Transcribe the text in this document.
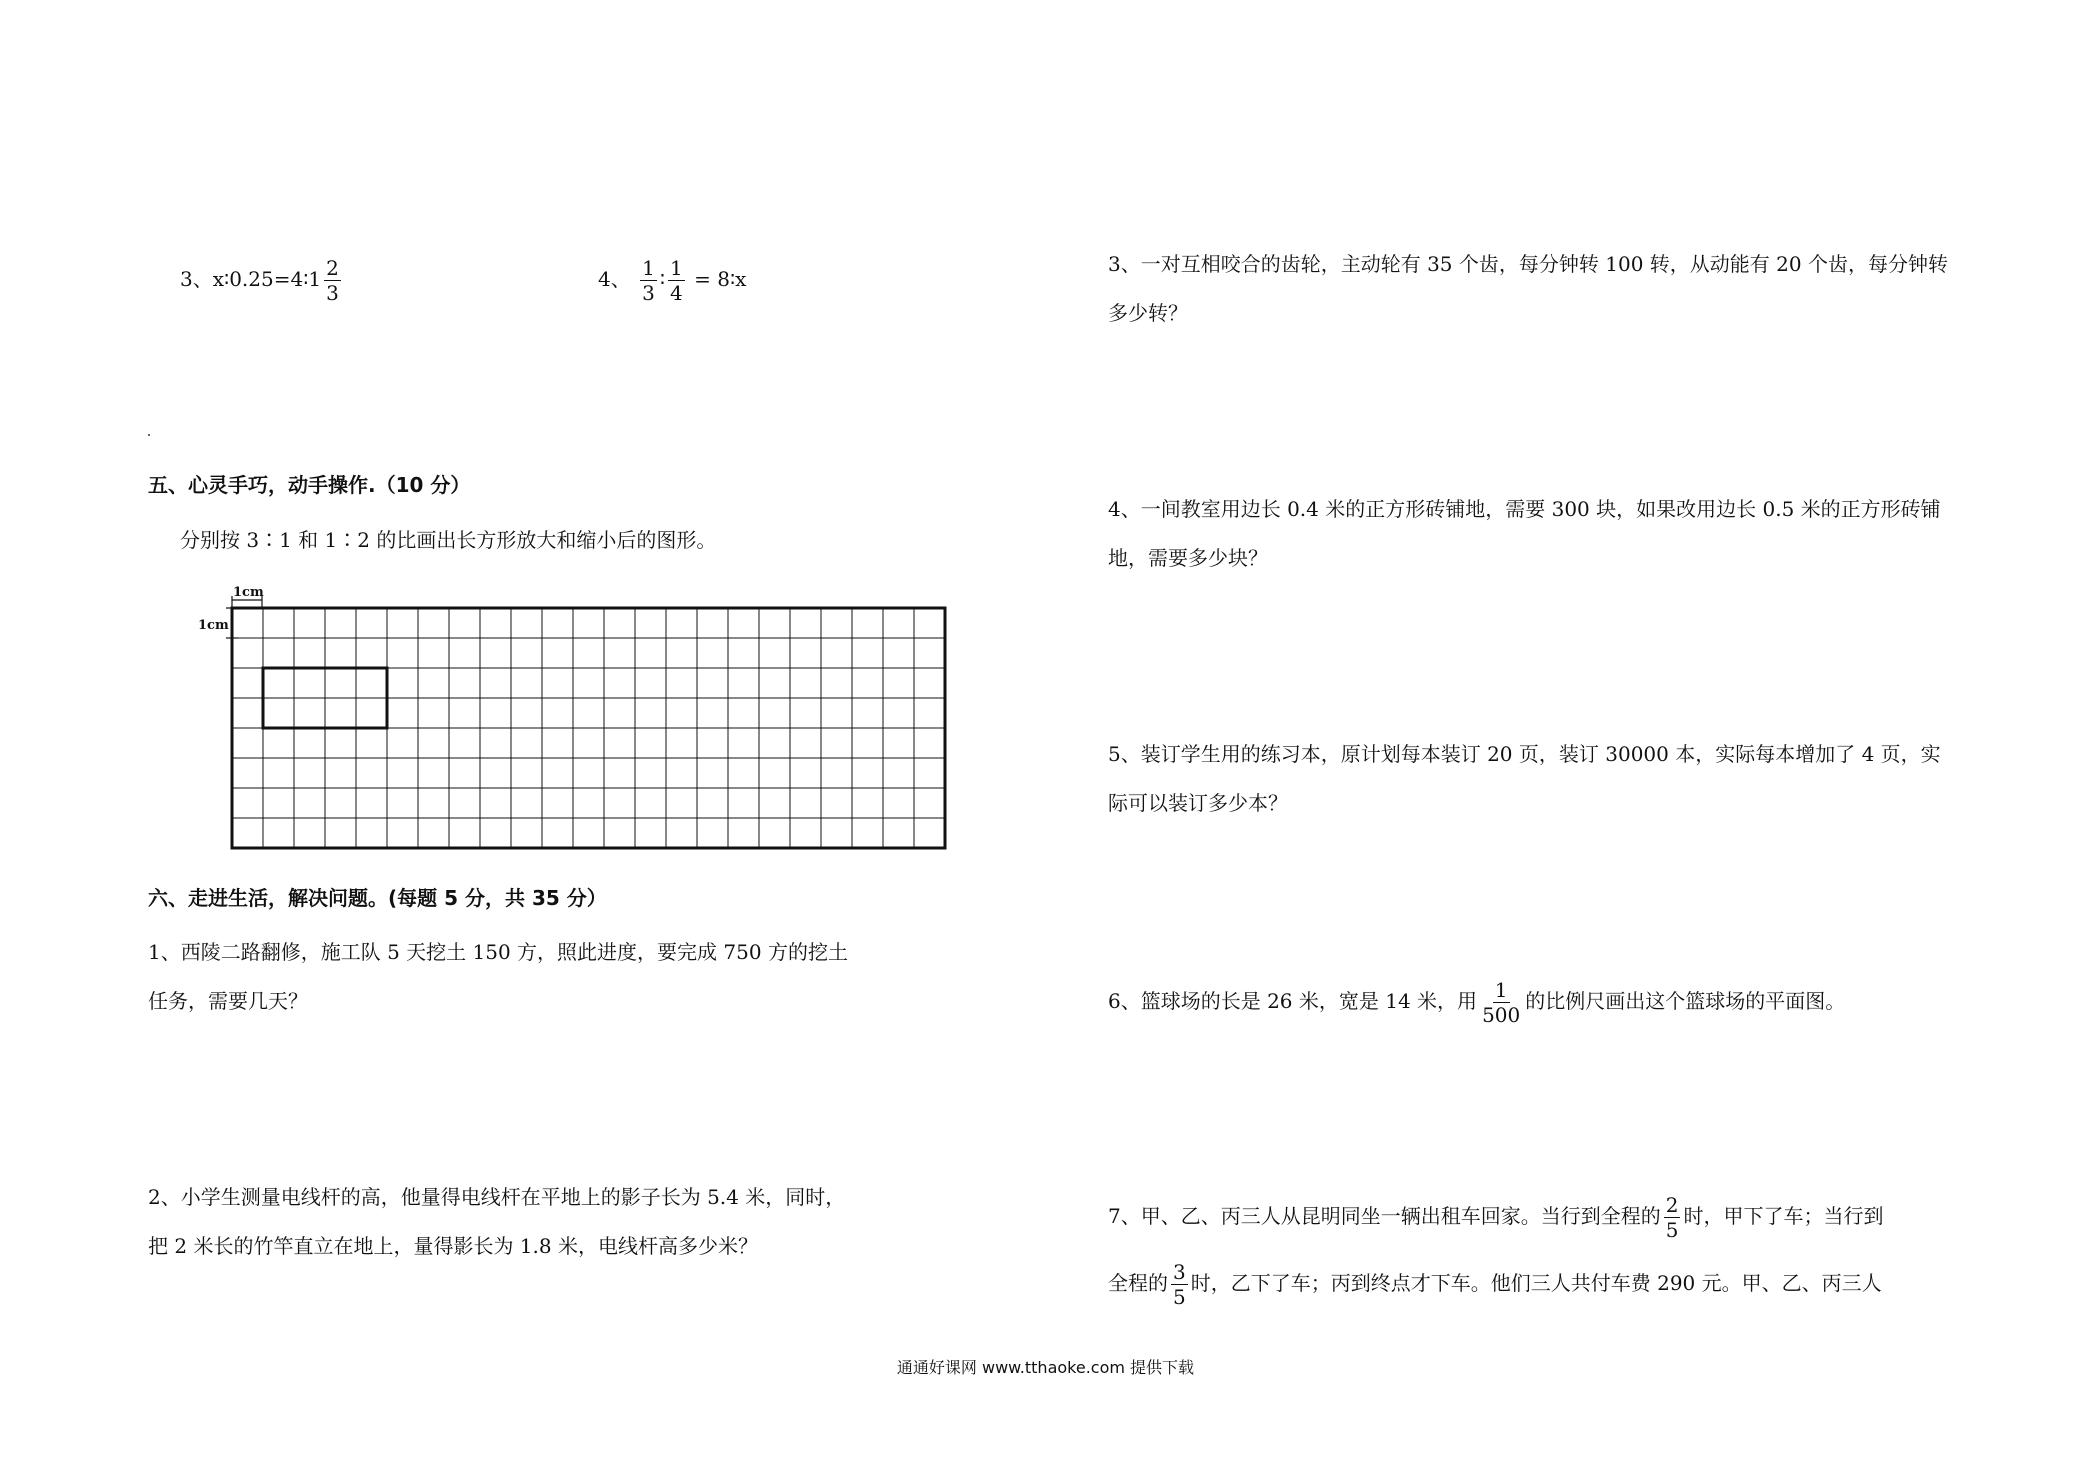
3、x∶0.25=4∶1 $\frac{2}{3}$	4、 $\frac{1}{3}$ ∶ $\frac{1}{4}$ = 8∶x
五、心灵手巧，动手操作.（10 分）
分别按 3∶1 和 1∶2 的比画出长方形放大和缩小后的图形。
1cm
1cm
六、走进生活，解决问题。(每题 5 分，共 35 分）
1、西陵二路翻修，施工队 5 天挖土 150 方，照此进度，要完成 750 方的挖土任务，需要几天？
2、小学生测量电线杆的高，他量得电线杆在平地上的影子长为 5.4 米，同时，把 2 米长的竹竿直立在地上，量得影长为 1.8 米，电线杆高多少米？
3、一对互相咬合的齿轮，主动轮有 35 个齿，每分钟转 100 转，从动能有 20 个齿，每分钟转多少转？
4、一间教室用边长 0.4 米的正方形砖铺地，需要 300 块，如果改用边长 0.5 米的正方形砖铺地，需要多少块？
5、装订学生用的练习本，原计划每本装订 20 页，装订 30000 本，实际每本增加了 4 页，实际可以装订多少本？
6、篮球场的长是 26 米，宽是 14 米，用 $\frac{1}{500}$ 的比例尺画出这个篮球场的平面图。
7、甲、乙、丙三人从昆明同坐一辆出租车回家。当行到全程的 $\frac{2}{5}$ 时，甲下了车；当行到
全程的 $\frac{3}{5}$ 时，乙下了车；丙到终点才下车。他们三人共付车费 290 元。甲、乙、丙三人
通通好课网 www.tthaoke.com 提供下载
